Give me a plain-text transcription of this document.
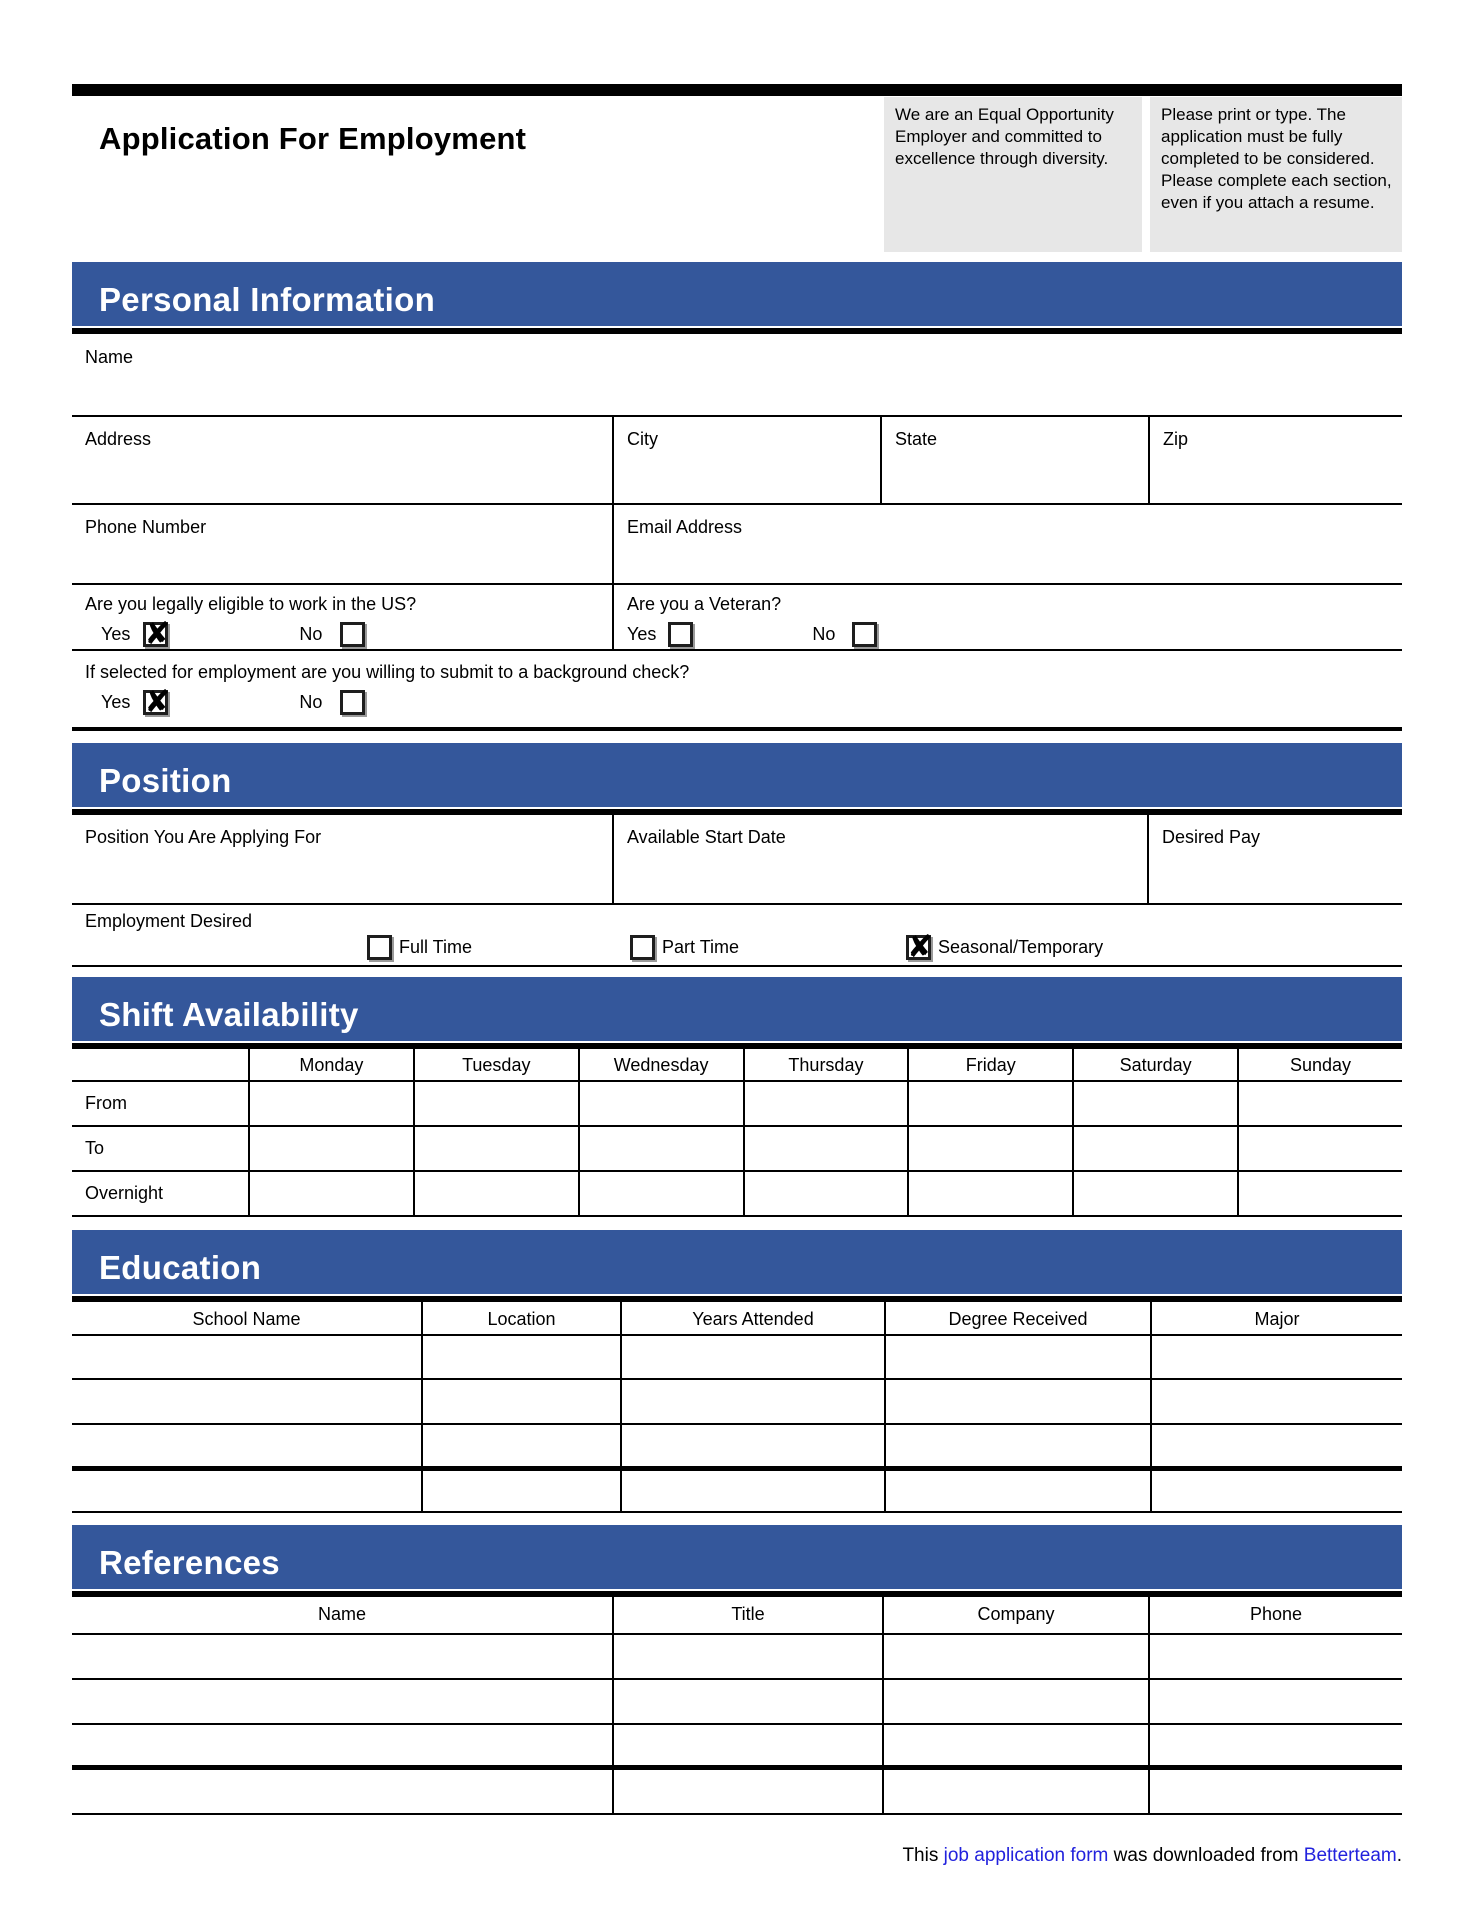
Application For Employment
We are an Equal Opportunity Employer and committed to excellence through diversity.
Please print or type. The application must be fully completed to be considered. Please complete each section, even if you attach a resume.
Personal Information
Name
Address	City	State	Zip
Phone Number	Email Address
Are you legally eligible to work in the US?
Yes ✘	No
Are you a Veteran?
Yes	No
If selected for employment are you willing to submit to a background check?
Yes ✘	No
Position
Position You Are Applying For	Available Start Date	Desired Pay
Employment Desired
Full Time	Part Time ✘	Seasonal/Temporary
Shift Availability
Monday	Tuesday	Wednesday	Thursday	Friday	Saturday	Sunday
From
To
Overnight
Education
School Name	Location	Years Attended	Degree Received	Major
References
Name	Title	Company	Phone
This job application form was downloaded from Betterteam.
